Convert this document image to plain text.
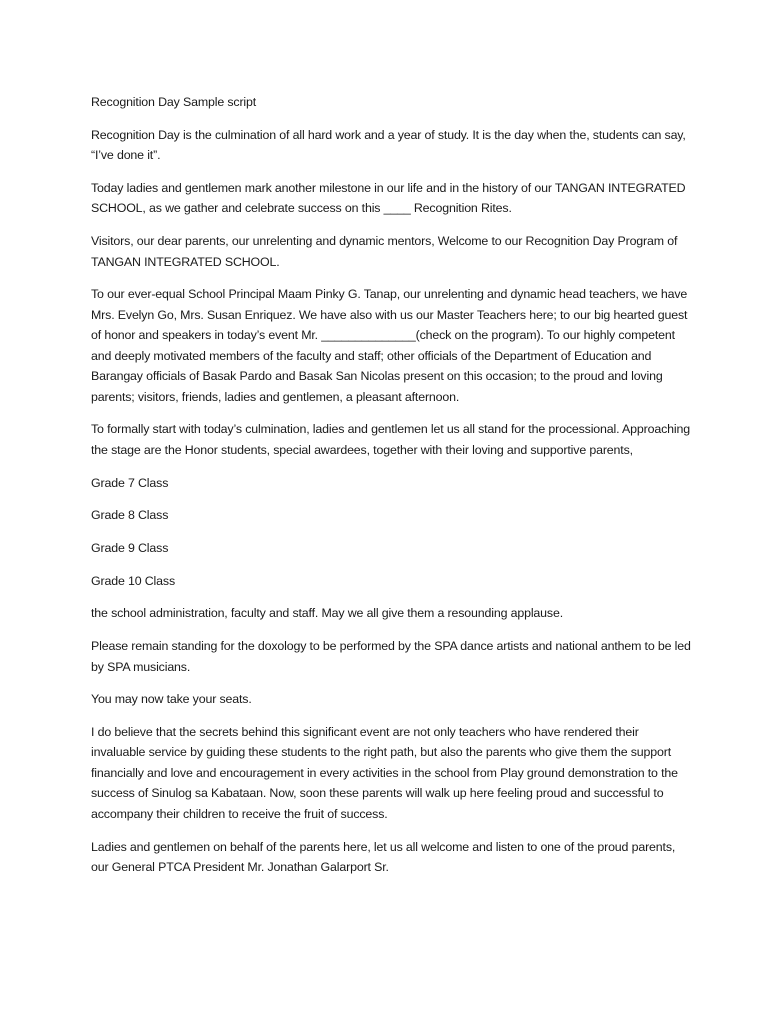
Recognition Day Sample script

Recognition Day is the culmination of all hard work and a year of study. It is the day when the, students can say, “I’ve done it”.

Today ladies and gentlemen mark another milestone in our life and in the history of our TANGAN INTEGRATED SCHOOL, as we gather and celebrate success on this ____ Recognition Rites.

Visitors, our dear parents, our unrelenting and dynamic mentors, Welcome to our Recognition Day Program of TANGAN INTEGRATED SCHOOL.

To our ever-equal School Principal Maam Pinky G. Tanap, our unrelenting and dynamic head teachers, we have Mrs. Evelyn Go, Mrs. Susan Enriquez. We have also with us our Master Teachers here; to our big hearted guest of honor and speakers in today’s event Mr. ______________(check on the program). To our highly competent and deeply motivated members of the faculty and staff; other officials of the Department of Education and Barangay officials of Basak Pardo and Basak San Nicolas present on this occasion; to the proud and loving parents; visitors, friends, ladies and gentlemen, a pleasant afternoon.

To formally start with today’s culmination, ladies and gentlemen let us all stand for the processional. Approaching the stage are the Honor students, special awardees, together with their loving and supportive parents,

Grade 7 Class

Grade 8 Class

Grade 9 Class

Grade 10 Class

the school administration, faculty and staff. May we all give them a resounding applause.

Please remain standing for the doxology to be performed by the SPA dance artists and national anthem to be led by SPA musicians.

You may now take your seats.

I do believe that the secrets behind this significant event are not only teachers who have rendered their invaluable service by guiding these students to the right path, but also the parents who give them the support financially and love and encouragement in every activities in the school from Play ground demonstration to the success of Sinulog sa Kabataan. Now, soon these parents will walk up here feeling proud and successful to accompany their children to receive the fruit of success.

Ladies and gentlemen on behalf of the parents here, let us all welcome and listen to one of the proud parents, our General PTCA President Mr. Jonathan Galarport Sr.
